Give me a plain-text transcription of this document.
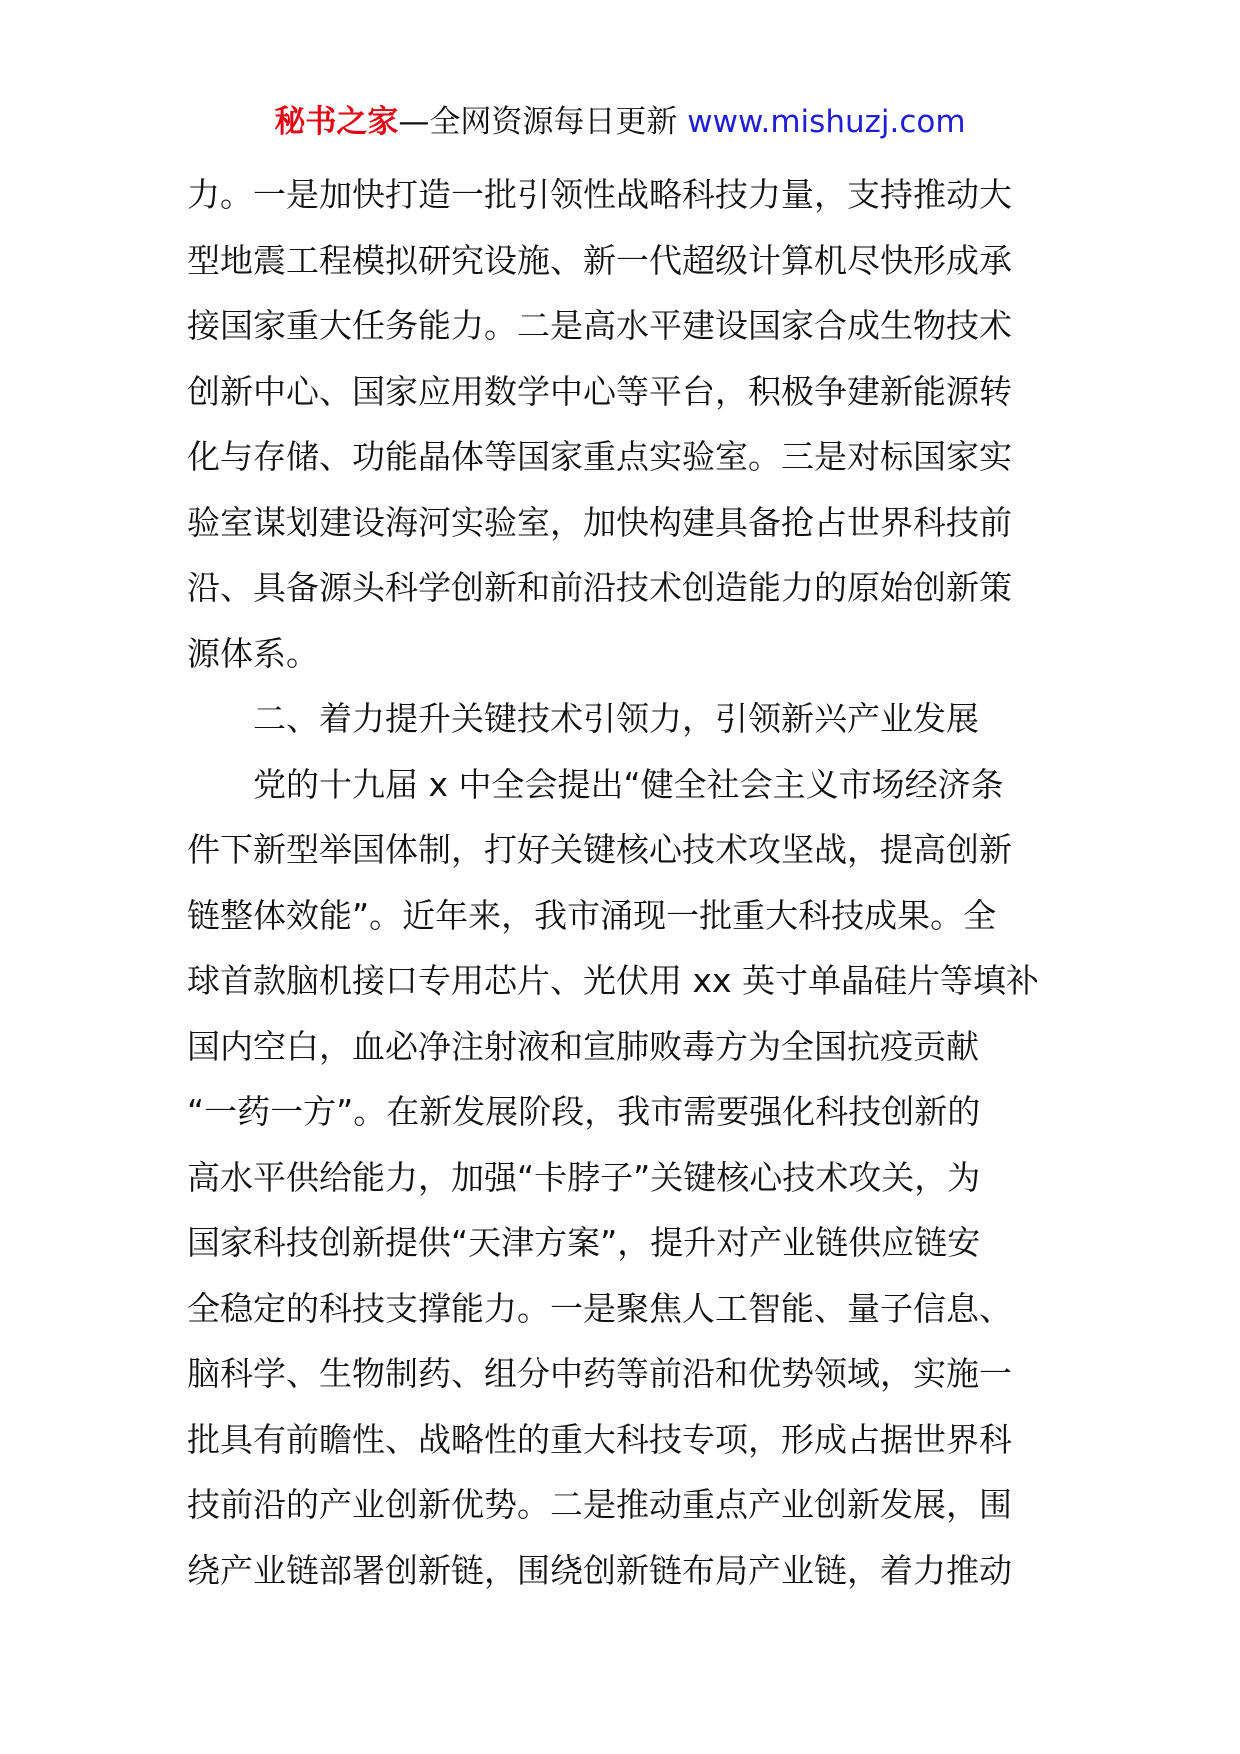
秘书之家—全网资源每日更新 www.mishuzj.com
力。一是加快打造一批引领性战略科技力量，支持推动大
型地震工程模拟研究设施、新一代超级计算机尽快形成承
接国家重大任务能力。二是高水平建设国家合成生物技术
创新中心、国家应用数学中心等平台，积极争建新能源转
化与存储、功能晶体等国家重点实验室。三是对标国家实
验室谋划建设海河实验室，加快构建具备抢占世界科技前
沿、具备源头科学创新和前沿技术创造能力的原始创新策
源体系。
二、着力提升关键技术引领力，引领新兴产业发展
党的十九届 x 中全会提出“健全社会主义市场经济条
件下新型举国体制，打好关键核心技术攻坚战，提高创新
链整体效能”。近年来，我市涌现一批重大科技成果。全
球首款脑机接口专用芯片、光伏用 xx 英寸单晶硅片等填补
国内空白，血必净注射液和宣肺败毒方为全国抗疫贡献
“一药一方”。在新发展阶段，我市需要强化科技创新的
高水平供给能力，加强“卡脖子”关键核心技术攻关，为
国家科技创新提供“天津方案”，提升对产业链供应链安
全稳定的科技支撑能力。一是聚焦人工智能、量子信息、
脑科学、生物制药、组分中药等前沿和优势领域，实施一
批具有前瞻性、战略性的重大科技专项，形成占据世界科
技前沿的产业创新优势。二是推动重点产业创新发展，围
绕产业链部署创新链，围绕创新链布局产业链，着力推动
